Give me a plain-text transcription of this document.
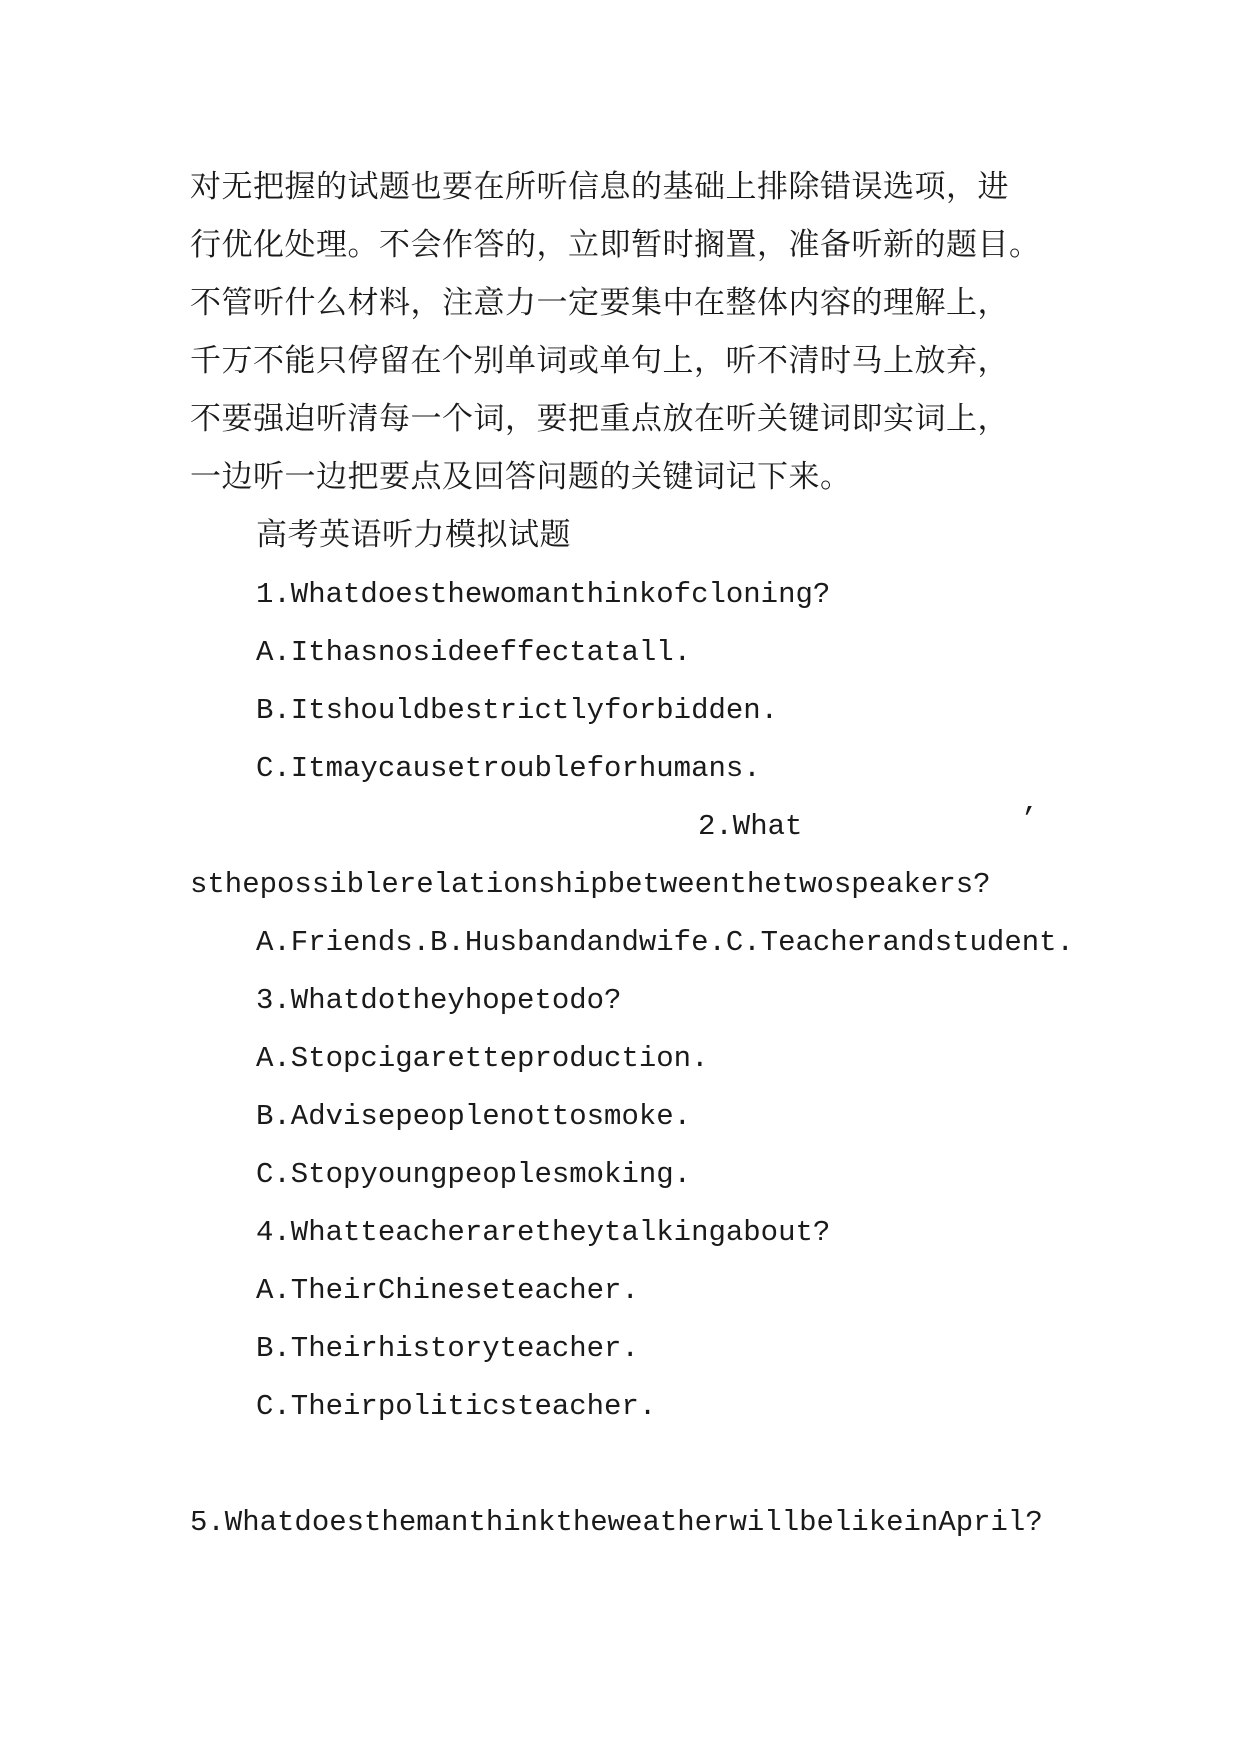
对无把握的试题也要在所听信息的基础上排除错误选项，进

行优化处理。不会作答的，立即暂时搁置，准备听新的题目。

不管听什么材料，注意力一定要集中在整体内容的理解上，

千万不能只停留在个别单词或单句上，听不清时马上放弃，

不要强迫听清每一个词，要把重点放在听关键词即实词上，

一边听一边把要点及回答问题的关键词记下来。

高考英语听力模拟试题

1.Whatdoesthewomanthinkofcloning?

A.Ithasnosideeffectatall.

B.Itshouldbestrictlyforbidden.

C.Itmaycausetroubleforhumans.

2.What	’

sthepossiblerelationshipbetweenthetwospeakers?

A.Friends.B.Husbandandwife.C.Teacherandstudent.

3.Whatdotheyhopetodo?

A.Stopcigaretteproduction.

B.Advisepeoplenottosmoke.

C.Stopyoungpeoplesmoking.

4.Whatteacheraretheytalkingabout?

A.TheirChineseteacher.

B.Theirhistoryteacher.

C.Theirpoliticsteacher.

5.WhatdoesthemanthinktheweatherwillbelikeinApril?
